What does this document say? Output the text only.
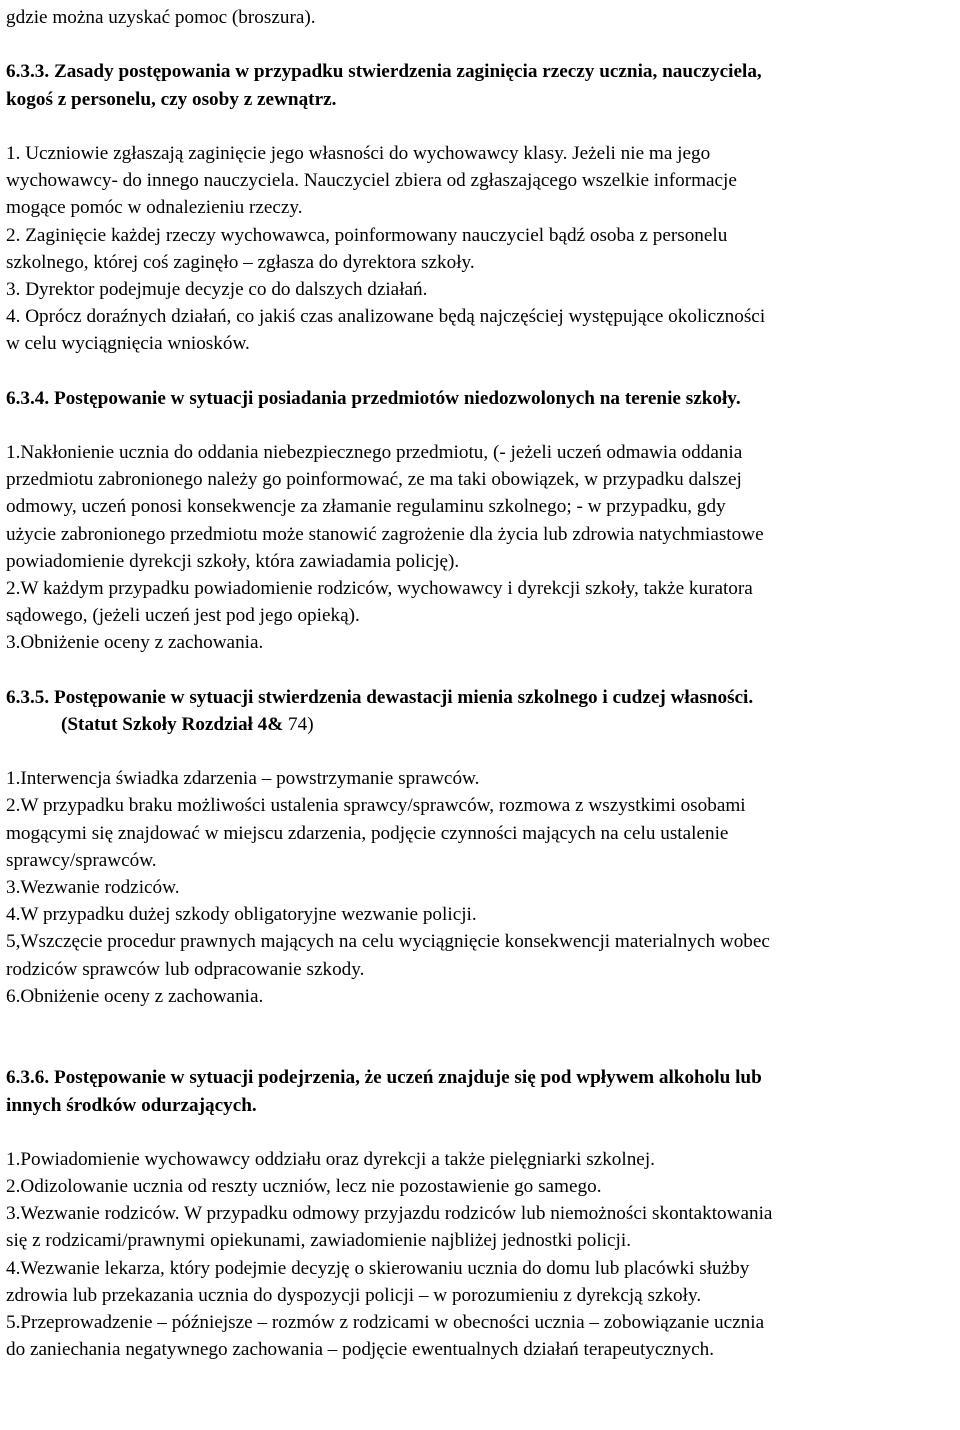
gdzie można uzyskać pomoc (broszura).
6.3.3. Zasady postępowania w przypadku stwierdzenia zaginięcia rzeczy ucznia, nauczyciela,
kogoś z personelu, czy osoby z zewnątrz.
1. Uczniowie zgłaszają zaginięcie jego własności do wychowawcy klasy. Jeżeli nie ma jego
wychowawcy- do innego nauczyciela. Nauczyciel zbiera od zgłaszającego wszelkie informacje
mogące pomóc w odnalezieniu rzeczy.
2. Zaginięcie każdej rzeczy wychowawca, poinformowany nauczyciel bądź osoba z personelu
szkolnego, której coś zaginęło – zgłasza do dyrektora szkoły.
3. Dyrektor podejmuje decyzje co do dalszych działań.
4. Oprócz doraźnych działań, co jakiś czas analizowane będą najczęściej występujące okoliczności
w celu wyciągnięcia wniosków.
6.3.4. Postępowanie w sytuacji posiadania przedmiotów niedozwolonych na terenie szkoły.
1.Nakłonienie ucznia do oddania niebezpiecznego przedmiotu, (- jeżeli uczeń odmawia oddania
przedmiotu zabronionego należy go poinformować, ze ma taki obowiązek, w przypadku dalszej
odmowy, uczeń ponosi konsekwencje za złamanie regulaminu szkolnego; - w przypadku, gdy
użycie zabronionego przedmiotu może stanowić zagrożenie dla życia lub zdrowia natychmiastowe
powiadomienie dyrekcji szkoły, która zawiadamia policję).
2.W każdym przypadku powiadomienie rodziców, wychowawcy i dyrekcji szkoły, także kuratora
sądowego, (jeżeli uczeń jest pod jego opieką).
3.Obniżenie oceny z zachowania.
6.3.5. Postępowanie w sytuacji stwierdzenia dewastacji mienia szkolnego i cudzej własności.
(Statut Szkoły Rozdział 4& 74)
1.Interwencja świadka zdarzenia – powstrzymanie sprawców.
2.W przypadku braku możliwości ustalenia sprawcy/sprawców, rozmowa z wszystkimi osobami
mogącymi się znajdować w miejscu zdarzenia, podjęcie czynności mających na celu ustalenie
sprawcy/sprawców.
3.Wezwanie rodziców.
4.W przypadku dużej szkody obligatoryjne wezwanie policji.
5,Wszczęcie procedur prawnych mających na celu wyciągnięcie konsekwencji materialnych wobec
rodziców sprawców lub odpracowanie szkody.
6.Obniżenie oceny z zachowania.
6.3.6. Postępowanie w sytuacji podejrzenia, że uczeń znajduje się pod wpływem alkoholu lub
innych środków odurzających.
1.Powiadomienie wychowawcy oddziału oraz dyrekcji a także pielęgniarki szkolnej.
2.Odizolowanie ucznia od reszty uczniów, lecz nie pozostawienie go samego.
3.Wezwanie rodziców. W przypadku odmowy przyjazdu rodziców lub niemożności skontaktowania
się z rodzicami/prawnymi opiekunami, zawiadomienie najbliżej jednostki policji.
4.Wezwanie lekarza, który podejmie decyzję o skierowaniu ucznia do domu lub placówki służby
zdrowia lub przekazania ucznia do dyspozycji policji – w porozumieniu z dyrekcją szkoły.
5.Przeprowadzenie – późniejsze – rozmów z rodzicami w obecności ucznia – zobowiązanie ucznia
do zaniechania negatywnego zachowania – podjęcie ewentualnych działań terapeutycznych.
